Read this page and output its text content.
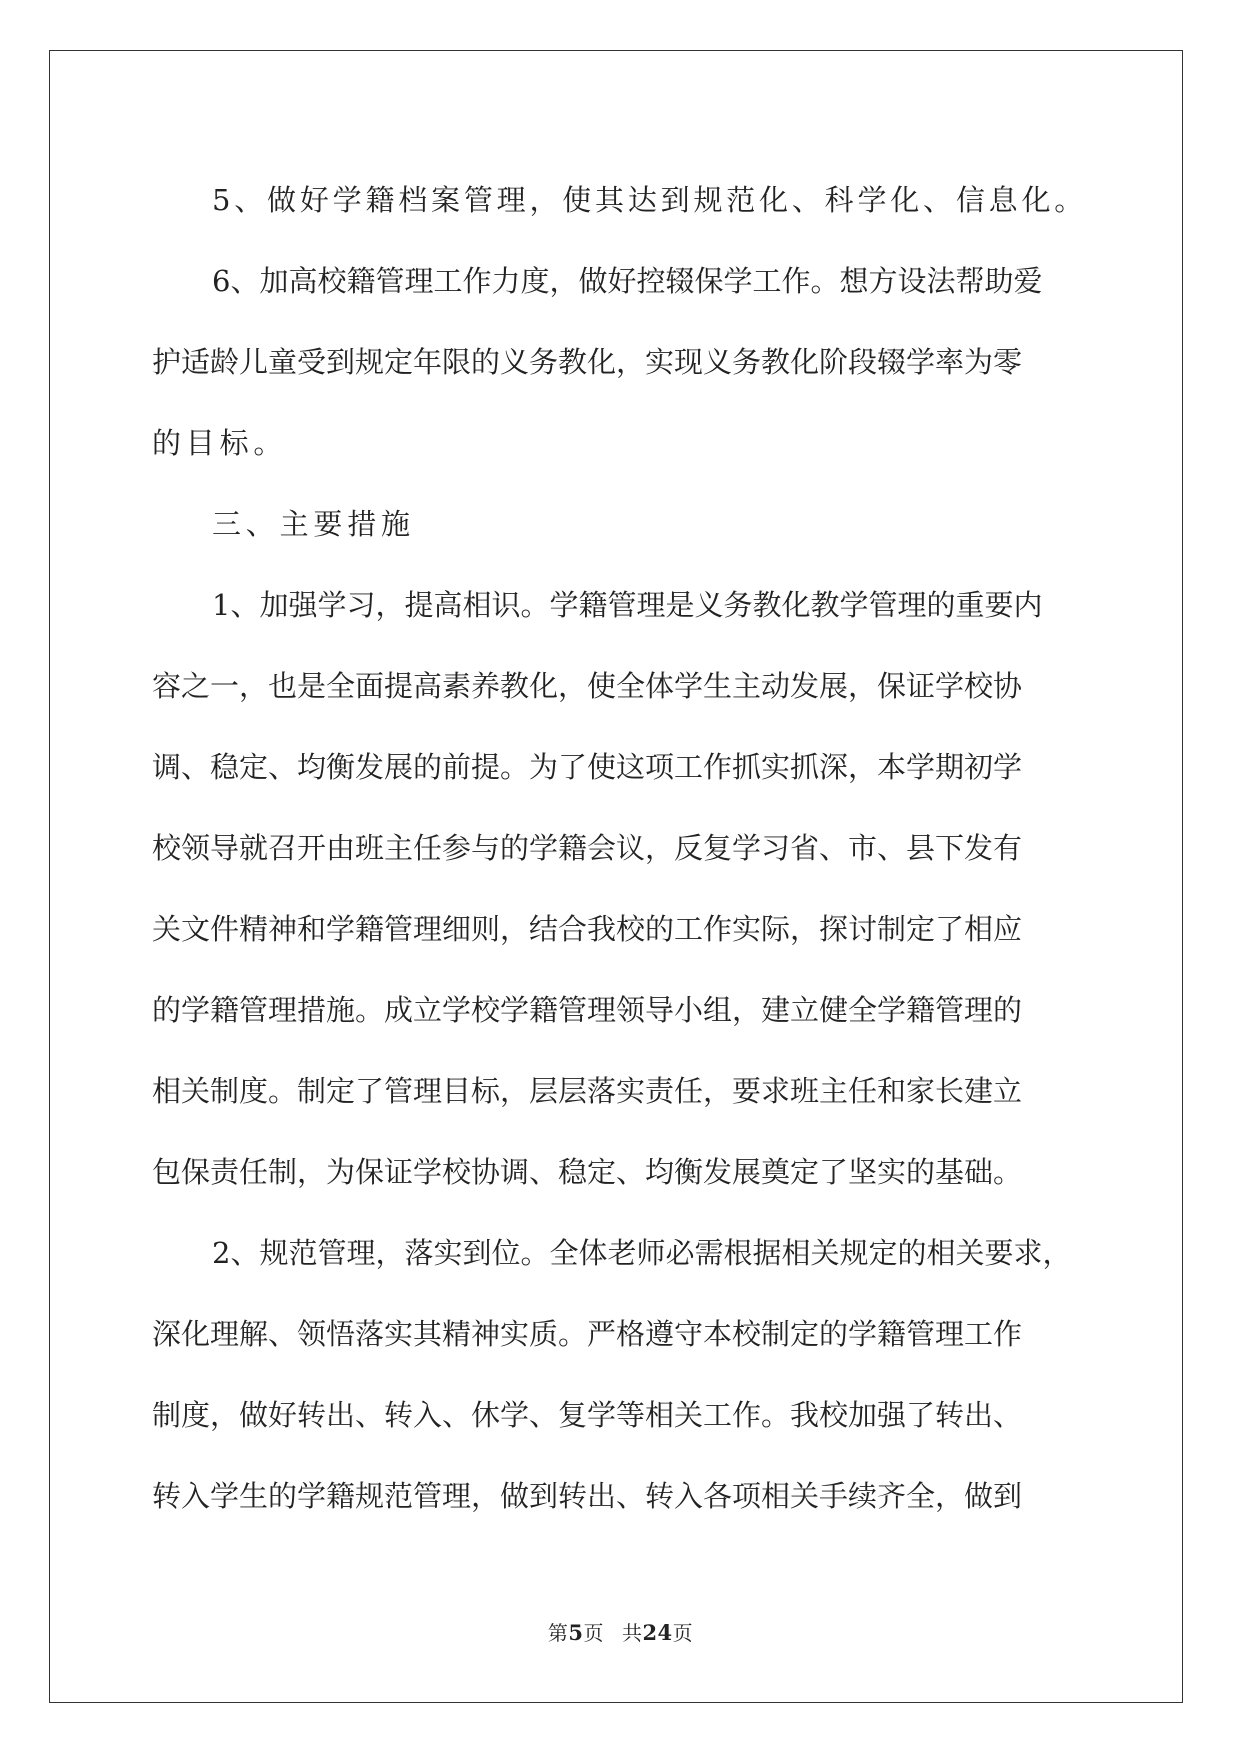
5、做好学籍档案管理，使其达到规范化、科学化、信息化。
6、加高校籍管理工作力度，做好控辍保学工作。想方设法帮助爱
护适龄儿童受到规定年限的义务教化，实现义务教化阶段辍学率为零
的目标。
三、主要措施
1、加强学习，提高相识。学籍管理是义务教化教学管理的重要内
容之一，也是全面提高素养教化，使全体学生主动发展，保证学校协
调、稳定、均衡发展的前提。为了使这项工作抓实抓深，本学期初学
校领导就召开由班主任参与的学籍会议，反复学习省、市、县下发有
关文件精神和学籍管理细则，结合我校的工作实际，探讨制定了相应
的学籍管理措施。成立学校学籍管理领导小组，建立健全学籍管理的
相关制度。制定了管理目标，层层落实责任，要求班主任和家长建立
包保责任制，为保证学校协调、稳定、均衡发展奠定了坚实的基础。
2、规范管理，落实到位。全体老师必需根据相关规定的相关要求，
深化理解、领悟落实其精神实质。严格遵守本校制定的学籍管理工作
制度，做好转出、转入、休学、复学等相关工作。我校加强了转出、
转入学生的学籍规范管理，做到转出、转入各项相关手续齐全，做到
第5页 共24页
